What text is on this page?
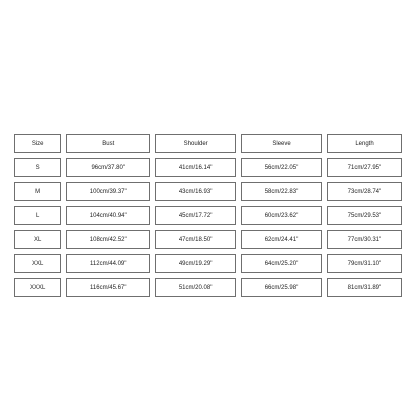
Size	Bust	Shoulder	Sleeve	Length
S	96cm/37.80''	41cm/16.14''	56cm/22.05''	71cm/27.95''
M	100cm/39.37''	43cm/16.93''	58cm/22.83''	73cm/28.74''
L	104cm/40.94''	45cm/17.72''	60cm/23.62''	75cm/29.53''
XL	108cm/42.52''	47cm/18.50''	62cm/24.41''	77cm/30.31''
XXL	112cm/44.09''	49cm/19.29''	64cm/25.20''	79cm/31.10''
XXXL	116cm/45.67''	51cm/20.08''	66cm/25.98''	81cm/31.89''
